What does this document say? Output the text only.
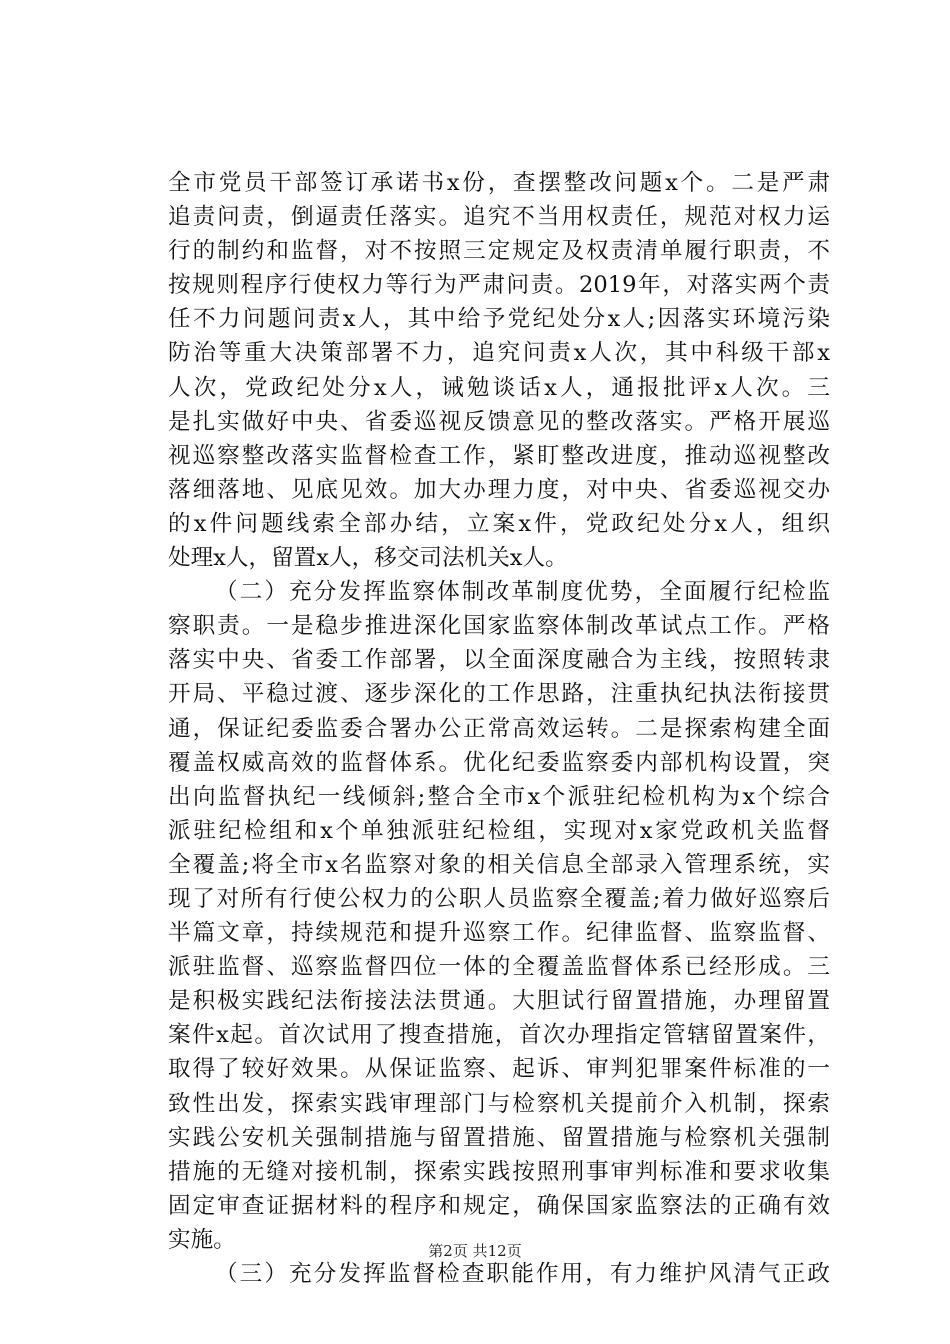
全市党员干部签订承诺书x份，查摆整改问题x个。二是严肃
追责问责，倒逼责任落实。追究不当用权责任，规范对权力运
行的制约和监督，对不按照三定规定及权责清单履行职责，不
按规则程序行使权力等行为严肃问责。2019年，对落实两个责
任不力问题问责x人，其中给予党纪处分x人;因落实环境污染
防治等重大决策部署不力，追究问责x人次，其中科级干部x
人次，党政纪处分x人，诫勉谈话x人，通报批评x人次。三
是扎实做好中央、省委巡视反馈意见的整改落实。严格开展巡
视巡察整改落实监督检查工作，紧盯整改进度，推动巡视整改
落细落地、见底见效。加大办理力度，对中央、省委巡视交办
的x件问题线索全部办结，立案x件，党政纪处分x人，组织
处理x人，留置x人，移交司法机关x人。
（二）充分发挥监察体制改革制度优势，全面履行纪检监
察职责。一是稳步推进深化国家监察体制改革试点工作。严格
落实中央、省委工作部署，以全面深度融合为主线，按照转隶
开局、平稳过渡、逐步深化的工作思路，注重执纪执法衔接贯
通，保证纪委监委合署办公正常高效运转。二是探索构建全面
覆盖权威高效的监督体系。优化纪委监察委内部机构设置，突
出向监督执纪一线倾斜;整合全市x个派驻纪检机构为x个综合
派驻纪检组和x个单独派驻纪检组，实现对x家党政机关监督
全覆盖;将全市x名监察对象的相关信息全部录入管理系统，实
现了对所有行使公权力的公职人员监察全覆盖;着力做好巡察后
半篇文章，持续规范和提升巡察工作。纪律监督、监察监督、
派驻监督、巡察监督四位一体的全覆盖监督体系已经形成。三
是积极实践纪法衔接法法贯通。大胆试行留置措施，办理留置
案件x起。首次试用了搜查措施，首次办理指定管辖留置案件，
取得了较好效果。从保证监察、起诉、审判犯罪案件标准的一
致性出发，探索实践审理部门与检察机关提前介入机制，探索
实践公安机关强制措施与留置措施、留置措施与检察机关强制
措施的无缝对接机制，探索实践按照刑事审判标准和要求收集
固定审查证据材料的程序和规定，确保国家监察法的正确有效
实施。
（三）充分发挥监督检查职能作用，有力维护风清气正政
第2页 共12页
